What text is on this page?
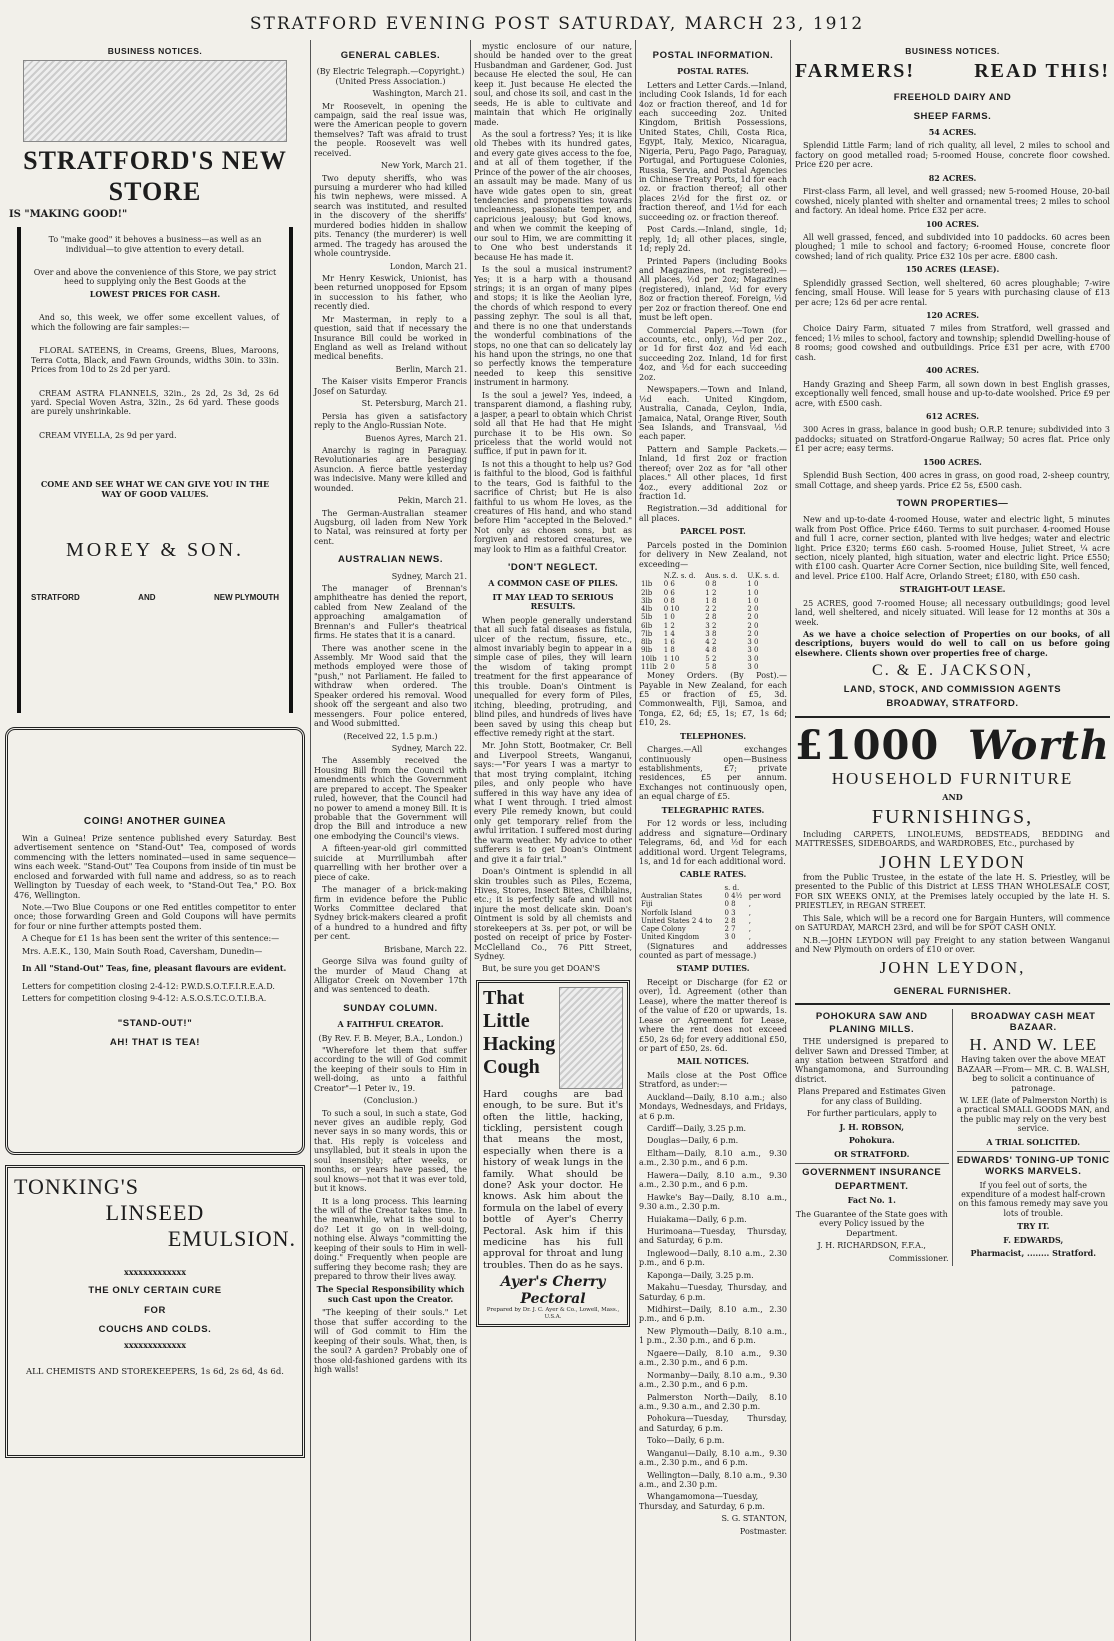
STRATFORD EVENING POST SATURDAY, MARCH 23, 1912
BUSINESS NOTICES.
STRATFORD'S NEW STORE
IS "MAKING GOOD!"

To "make good" it behoves a business—as well as an individual—to give attention to every detail.

Over and above the convenience of this Store, we pay strict heed to supplying only the Best Goods at the

LOWEST PRICES FOR CASH.

And so, this week, we offer some excellent values, of which the following are fair samples:—

FLORAL SATEENS, in Creams, Greens, Blues, Maroons, Terra Cotta, Black, and Fawn Grounds, widths 30in. to 33in. Prices from 10d to 2s 2d per yard.

CREAM ASTRA FLANNELS, 32in., 2s 2d, 2s 3d, 2s 6d yard. Special Woven Astra, 32in., 2s 6d yard. These goods are purely unshrinkable.

CREAM VIYELLA, 2s 9d per yard.

COME AND SEE WHAT WE CAN GIVE YOU IN THE WAY OF GOOD VALUES.

MOREY & SON.
STRATFORD	AND	NEW PLYMOUTH
COING! ANOTHER GUINEA

Win a Guinea! Prize sentence published every Saturday. Best advertisement sentence on "Stand-Out" Tea, composed of words commencing with the letters nominated—used in same sequence—wins each week. "Stand-Out" Tea Coupons from inside of tin must be enclosed and forwarded with full name and address, so as to reach Wellington by Tuesday of each week, to "Stand-Out Tea," P.O. Box 476, Wellington.

Note.—Two Blue Coupons or one Red entitles competitor to enter once; those forwarding Green and Gold Coupons will have permits for four or nine further attempts posted them.

A Cheque for £1 1s has been sent the writer of this sentence:—

Mrs. A.E.K., 130, Main South Road, Caversham, Dunedin—

In All "Stand-Out" Teas, fine, pleasant flavours are evident.

Letters for competition closing 2-4-12: P.W.D.S.O.T.F.I.R.E.A.D.

Letters for competition closing 9-4-12: A.S.O.S.T.C.O.T.I.B.A.

"STAND-OUT!"
AH! THAT IS TEA!
TONKING'S
LINSEED
EMULSION.
xxxxxxxxxxxxx
THE ONLY CERTAIN CURE
FOR
COUCHS AND COLDS.
xxxxxxxxxxxxx
ALL CHEMISTS AND STOREKEEPERS, 1s 6d, 2s 6d, 4s 6d.
GENERAL CABLES.

(By Electric Telegraph.—Copyright.) (United Press Association.)

Washington, March 21.

Mr Roosevelt, in opening the campaign, said the real issue was, were the American people to govern themselves? Taft was afraid to trust the people. Roosevelt was well received.

New York, March 21.

Two deputy sheriffs, who was pursuing a murderer who had killed his twin nephews, were missed. A search was instituted, and resulted in the discovery of the sheriffs' murdered bodies hidden in shallow pits. Tenancy (the murderer) is well armed. The tragedy has aroused the whole countryside.

London, March 21.

Mr Henry Keswick, Unionist, has been returned unopposed for Epsom in succession to his father, who recently died.

Mr Masterman, in reply to a question, said that if necessary the Insurance Bill could be worked in England as well as Ireland without medical benefits.

Berlin, March 21.

The Kaiser visits Emperor Francis Josef on Saturday.

St. Petersburg, March 21.

Persia has given a satisfactory reply to the Anglo-Russian Note.

Buenos Ayres, March 21.

Anarchy is raging in Paraguay. Revolutionaries are besieging Asuncion. A fierce battle yesterday was indecisive. Many were killed and wounded.

Pekin, March 21.

The German-Australian steamer Augsburg, oil laden from New York to Natal, was reinsured at forty per cent.

AUSTRALIAN NEWS.

Sydney, March 21.

The manager of Brennan's amphitheatre has denied the report, cabled from New Zealand of the approaching amalgamation of Brennan's and Fuller's theatrical firms. He states that it is a canard.

There was another scene in the Assembly. Mr Wood said that the methods employed were those of "push," not Parliament. He failed to withdraw when ordered. The Speaker ordered his removal. Wood shook off the sergeant and also two messengers. Four police entered, and Wood submitted.

(Received 22, 1.5 p.m.)

Sydney, March 22.

The Assembly received the Housing Bill from the Council with amendments which the Government are prepared to accept. The Speaker ruled, however, that the Council had no power to amend a money Bill. It is probable that the Government will drop the Bill and introduce a new one embodying the Council's views.

A fifteen-year-old girl committed suicide at Murrillumbah after quarrelling with her brother over a piece of cake.

The manager of a brick-making firm in evidence before the Public Works Committee declared that Sydney brick-makers cleared a profit of a hundred to a hundred and fifty per cent.

Brisbane, March 22.

George Silva was found guilty of the murder of Maud Chang at Alligator Creek on November 17th and was sentenced to death.

SUNDAY COLUMN.
A FAITHFUL CREATOR.

(By Rev. F. B. Meyer, B.A., London.)

"Wherefore let them that suffer according to the will of God commit the keeping of their souls to Him in well-doing, as unto a faithful Creator"—1 Peter iv., 19.

(Conclusion.)

To such a soul, in such a state, God never gives an audible reply, God never says in so many words, this or that. His reply is voiceless and unsyllabled, but it steals in upon the soul insensibly; after weeks, or months, or years have passed, the soul knows—not that it was ever told, but it knows.

It is a long process. This learning the will of the Creator takes time. In the meanwhile, what is the soul to do? Let it go on in well-doing, nothing else. Always "committing the keeping of their souls to Him in well-doing." Frequently when people are suffering they become rash; they are prepared to throw their lives away.

The Special Responsibility which such Cast upon the Creator.

"The keeping of their souls." Let those that suffer according to the will of God commit to Him the keeping of their souls. What, then, is the soul? A garden? Probably one of those old-fashioned gardens with its high walls!

mystic enclosure of our nature, should be handed over to the great Husbandman and Gardener, God. Just because He elected the soul, He can keep it. Just because He elected the soul, and chose its soil, and cast in the seeds, He is able to cultivate and maintain that which He originally made.

As the soul a fortress? Yes; it is like old Thebes with its hundred gates, and every gate gives access to the foe, and at all of them together, if the Prince of the power of the air chooses, an assault may be made. Many of us have wide gates open to sin, great tendencies and propensities towards uncleanness, passionate temper, and capricious jealousy; but God knows, and when we commit the keeping of our soul to Him, we are committing it to One who best understands it because He has made it.

Is the soul a musical instrument? Yes; it is a harp with a thousand strings; it is an organ of many pipes and stops; it is like the Aeolian lyre, the chords of which respond to every passing zephyr. The soul is all that, and there is no one that understands the wonderful combinations of the stops, no one that can so delicately lay his hand upon the strings, no one that so perfectly knows the temperature needed to keep this sensitive instrument in harmony.

Is the soul a jewel? Yes, indeed, a transparent diamond, a flashing ruby, a jasper, a pearl to obtain which Christ sold all that He had that He might purchase it to be His own. So priceless that the world would not suffice, if put in pawn for it.

Is not this a thought to help us? God is faithful to the blood, God is faithful to the tears, God is faithful to the sacrifice of Christ; but He is also faithful to us whom He loves, as the creatures of His hand, and who stand before Him "accepted in the Beloved." Not only as chosen sons, but as forgiven and restored creatures, we may look to Him as a faithful Creator.

'DON'T NEGLECT.
A COMMON CASE OF PILES.
IT MAY LEAD TO SERIOUS RESULTS.

When people generally understand that all such fatal diseases as fistula, ulcer of the rectum, fissure, etc., almost invariably begin to appear in a simple case of piles, they will learn the wisdom of taking prompt treatment for the first appearance of this trouble. Doan's Ointment is unequalled for every form of Piles, itching, bleeding, protruding, and blind piles, and hundreds of lives have been saved by using this cheap but effective remedy right at the start.

Mr. John Stott, Bootmaker, Cr. Bell and Liverpool Streets, Wanganui, says:—"For years I was a martyr to that most trying complaint, itching piles, and only people who have suffered in this way have any idea of what I went through. I tried almost every Pile remedy known, but could only get temporary relief from the awful irritation. I suffered most during the warm weather. My advice to other sufferers is to get Doan's Ointment and give it a fair trial."

Doan's Ointment is splendid in all skin troubles such as Piles, Eczema, Hives, Stores, Insect Bites, Chilblains, etc.; it is perfectly safe and will not injure the most delicate skin. Doan's Ointment is sold by all chemists and storekeepers at 3s. per pot, or will be posted on receipt of price by Foster-McClelland Co., 76 Pitt Street, Sydney.

But, be sure you get DOAN'S

That
Little
Hacking
Cough

Hard coughs are bad enough, to be sure. But it's often the little, hacking, tickling, persistent cough that means the most, especially when there is a history of weak lungs in the family. What should be done? Ask your doctor. He knows. Ask him about the formula on the label of every bottle of Ayer's Cherry Pectoral. Ask him if this medicine has his full approval for throat and lung troubles. Then do as he says.

Ayer's Cherry Pectoral
Prepared by Dr. J. C. Ayer & Co., Lowell, Mass., U.S.A.
POSTAL INFORMATION.
POSTAL RATES.

Letters and Letter Cards.—Inland, including Cook Islands, 1d for each 4oz or fraction thereof, and 1d for each succeeding 2oz. United Kingdom, British Possessions, United States, Chili, Costa Rica, Egypt, Italy, Mexico, Nicaragua, Nigeria, Peru, Pago Pago, Paraguay, Portugal, and Portuguese Colonies, Russia, Servia, and Postal Agencies in Chinese Treaty Ports, 1d for each oz. or fraction thereof; all other places 2½d for the first oz. or fraction thereof, and 1½d for each succeeding oz. or fraction thereof.

Post Cards.—Inland, single, 1d; reply, 1d; all other places, single, 1d; reply 2d.

Printed Papers (including Books and Magazines, not registered).—All places, ½d per 2oz; Magazines (registered), inland, ½d for every 8oz or fraction thereof. Foreign, ½d per 2oz or fraction thereof. One end must be left open.

Commercial Papers.—Town (for accounts, etc., only), ½d per 2oz., or 1d for first 4oz and ½d each succeeding 2oz. Inland, 1d for first 4oz, and ½d for each succeeding 2oz.

Newspapers.—Town and Inland, ½d each. United Kingdom, Australia, Canada, Ceylon, India, Jamaica, Natal, Orange River, South Sea Islands, and Transvaal, ½d each paper.

Pattern and Sample Packets.—Inland, 1d first 2oz or fraction thereof; over 2oz as for "all other places." All other places, 1d first 4oz., every additional 2oz or fraction 1d.

Registration.—3d additional for all places.

PARCEL POST.

Parcels posted in the Dominion for delivery in New Zealand, not exceeding—

	N.Z. s. d.	Aus. s. d.	U.K. s. d.
1lb	0 6	0 8	1 0
2lb	0 6	1 2	1 0
3lb	0 8	1 8	1 0
4lb	0 10	2 2	2 0
5lb	1 0	2 8	2 0
6lb	1 2	3 2	2 0
7lb	1 4	3 8	2 0
8lb	1 6	4 2	3 0
9lb	1 8	4 8	3 0
10lb	1 10	5 2	3 0
11lb	2 0	5 8	3 0

Money Orders. (By Post).—Payable in New Zealand, for each £5 or fraction of £5, 3d. Commonwealth, Fiji, Samoa, and Tonga, £2, 6d; £5, 1s; £7, 1s 6d; £10, 2s.

TELEPHONES.

Charges.—All exchanges continuously open—Business establishments, £7; private residences, £5 per annum. Exchanges not continuously open, an equal charge of £5.

TELEGRAPHIC RATES.

For 12 words or less, including address and signature—Ordinary Telegrams, 6d, and ½d for each additional word. Urgent Telegrams, 1s, and 1d for each additional word.

CABLE RATES.
	s. d.	
Australian States	0 4½	per word
Fiji	0 8	,
Norfolk Island	0 3	,
United States 2 4 to	2 8	,
Cape Colony	2 7	,
United Kingdom	3 0	,

(Signatures and addresses counted as part of message.)

STAMP DUTIES.

Receipt or Discharge (for £2 or over), 1d. Agreement (other than Lease), where the matter thereof is of the value of £20 or upwards, 1s. Lease or Agreement for Lease, where the rent does not exceed £50, 2s 6d; for every additional £50, or part of £50, 2s. 6d.

MAIL NOTICES.

Mails close at the Post Office Stratford, as under:—

Auckland—Daily, 8.10 a.m.; also Mondays, Wednesdays, and Fridays, at 6 p.m.

Cardiff—Daily, 3.25 p.m.

Douglas—Daily, 6 p.m.

Eltham—Daily, 8.10 a.m., 9.30 a.m., 2.30 p.m., and 6 p.m.

Hawera—Daily, 8.10 a.m., 9.30 a.m., 2.30 p.m., and 6 p.m.

Hawke's Bay—Daily, 8.10 a.m., 9.30 a.m., 2.30 p.m.

Huiakama—Daily, 6 p.m.

Hurimoana—Tuesday, Thursday, and Saturday, 6 p.m.

Inglewood—Daily, 8.10 a.m., 2.30 p.m., and 6 p.m.

Kaponga—Daily, 3.25 p.m.

Makahu—Tuesday, Thursday, and Saturday, 6 p.m.

Midhirst—Daily, 8.10 a.m., 2.30 p.m., and 6 p.m.

New Plymouth—Daily, 8.10 a.m., 1 p.m., 2.30 p.m., and 6 p.m.

Ngaere—Daily, 8.10 a.m., 9.30 a.m., 2.30 p.m., and 6 p.m.

Normanby—Daily, 8.10 a.m., 9.30 a.m., 2.30 p.m., and 6 p.m.

Palmerston North—Daily, 8.10 a.m., 9.30 a.m., and 2.30 p.m.

Pohokura—Tuesday, Thursday, and Saturday, 6 p.m.

Toko—Daily, 6 p.m.

Wanganui—Daily, 8.10 a.m., 9.30 a.m., 2.30 p.m., and 6 p.m.

Wellington—Daily, 8.10 a.m., 9.30 a.m., and 2.30 p.m.

Whangamomona—Tuesday, Thursday, and Saturday, 6 p.m.

S. G. STANTON,

Postmaster.

BUSINESS NOTICES.
FARMERS!	READ THIS!
FREEHOLD DAIRY AND
SHEEP FARMS.
54 ACRES.

Splendid Little Farm; land of rich quality, all level, 2 miles to school and factory on good metalled road; 5-roomed House, concrete floor cowshed. Price £20 per acre.

82 ACRES.

First-class Farm, all level, and well grassed; new 5-roomed House, 20-bail cowshed, nicely planted with shelter and ornamental trees; 2 miles to school and factory. An ideal home. Price £32 per acre.

100 ACRES.

All well grassed, fenced, and subdivided into 10 paddocks. 60 acres been ploughed; 1 mile to school and factory; 6-roomed House, concrete floor cowshed; land of rich quality. Price £32 10s per acre. £800 cash.

150 ACRES (LEASE).

Splendidly grassed Section, well sheltered, 60 acres ploughable; 7-wire fencing, small House. Will lease for 5 years with purchasing clause of £13 per acre; 12s 6d per acre rental.

120 ACRES.

Choice Dairy Farm, situated 7 miles from Stratford, well grassed and fenced; 1½ miles to school, factory and township; splendid Dwelling-house of 8 rooms; good cowshed and outbuildings. Price £31 per acre, with £700 cash.

400 ACRES.

Handy Grazing and Sheep Farm, all sown down in best English grasses, exceptionally well fenced, small house and up-to-date woolshed. Price £9 per acre, with £500 cash.

612 ACRES.

300 Acres in grass, balance in good bush; O.R.P. tenure; subdivided into 3 paddocks; situated on Stratford-Ongarue Railway; 50 acres flat. Price only £1 per acre; easy terms.

1500 ACRES.

Splendid Bush Section, 400 acres in grass, on good road, 2-sheep country, small Cottage, and sheep yards. Price £2 5s, £500 cash.

TOWN PROPERTIES—

New and up-to-date 4-roomed House, water and electric light, 5 minutes walk from Post Office. Price £460. Terms to suit purchaser. 4-roomed House and full 1 acre, corner section, planted with live hedges; water and electric light. Price £320; terms £60 cash. 5-roomed House, Juliet Street, ¼ acre section, nicely planted, high situation, water and electric light. Price £550; with £100 cash. Quarter Acre Corner Section, nice building Site, well fenced, and level. Price £100. Half Acre, Orlando Street; £180, with £50 cash.

STRAIGHT-OUT LEASE.

25 ACRES, good 7-roomed House; all necessary outbuildings; good level land, well sheltered, and nicely situated. Will lease for 12 months at 30s a week.

As we have a choice selection of Properties on our books, of all descriptions, buyers would do well to call on us before going elsewhere. Clients shown over properties free of charge.

C. & E. JACKSON,
LAND, STOCK, AND COMMISSION AGENTS
BROADWAY, STRATFORD.
£1000 Worth
HOUSEHOLD FURNITURE
AND
FURNISHINGS,

Including CARPETS, LINOLEUMS, BEDSTEADS, BEDDING and MATTRESSES, SIDEBOARDS, and WARDROBES, Etc., purchased by

JOHN LEYDON

from the Public Trustee, in the estate of the late H. S. Priestley, will be presented to the Public of this District at LESS THAN WHOLESALE COST, FOR SIX WEEKS ONLY, at the Premises lately occupied by the late H. S. PRIESTLEY, in REGAN STREET.

This Sale, which will be a record one for Bargain Hunters, will commence on SATURDAY, MARCH 23rd, and will be for SPOT CASH ONLY.

N.B.—JOHN LEYDON will pay Freight to any station between Wanganui and New Plymouth on orders of £10 or over.

JOHN LEYDON,
GENERAL FURNISHER.
POHOKURA SAW AND
PLANING MILLS.

THE undersigned is prepared to deliver Sawn and Dressed Timber, at any station between Stratford and Whangamomona, and Surrounding district.

Plans Prepared and Estimates Given for any class of Building.

For further particulars, apply to

J. H. ROBSON,
Pohokura.
OR STRATFORD.
GOVERNMENT INSURANCE
DEPARTMENT.
Fact No. 1.

The Guarantee of the State goes with every Policy issued by the Department.

J. H. RICHARDSON, F.F.A.,

Commissioner.

BROADWAY CASH MEAT BAZAAR.
H. AND W. LEE

Having taken over the above MEAT BAZAAR —From— MR. C. B. WALSH, beg to solicit a continuance of patronage.

W. LEE (late of Palmerston North) is a practical SMALL GOODS MAN, and the public may rely on the very best service.

A TRIAL SOLICITED.
EDWARDS' TONING-UP TONIC WORKS MARVELS.

If you feel out of sorts, the expenditure of a modest half-crown on this famous remedy may save you lots of trouble.

TRY IT.
F. EDWARDS,
Pharmacist, ........ Stratford.
